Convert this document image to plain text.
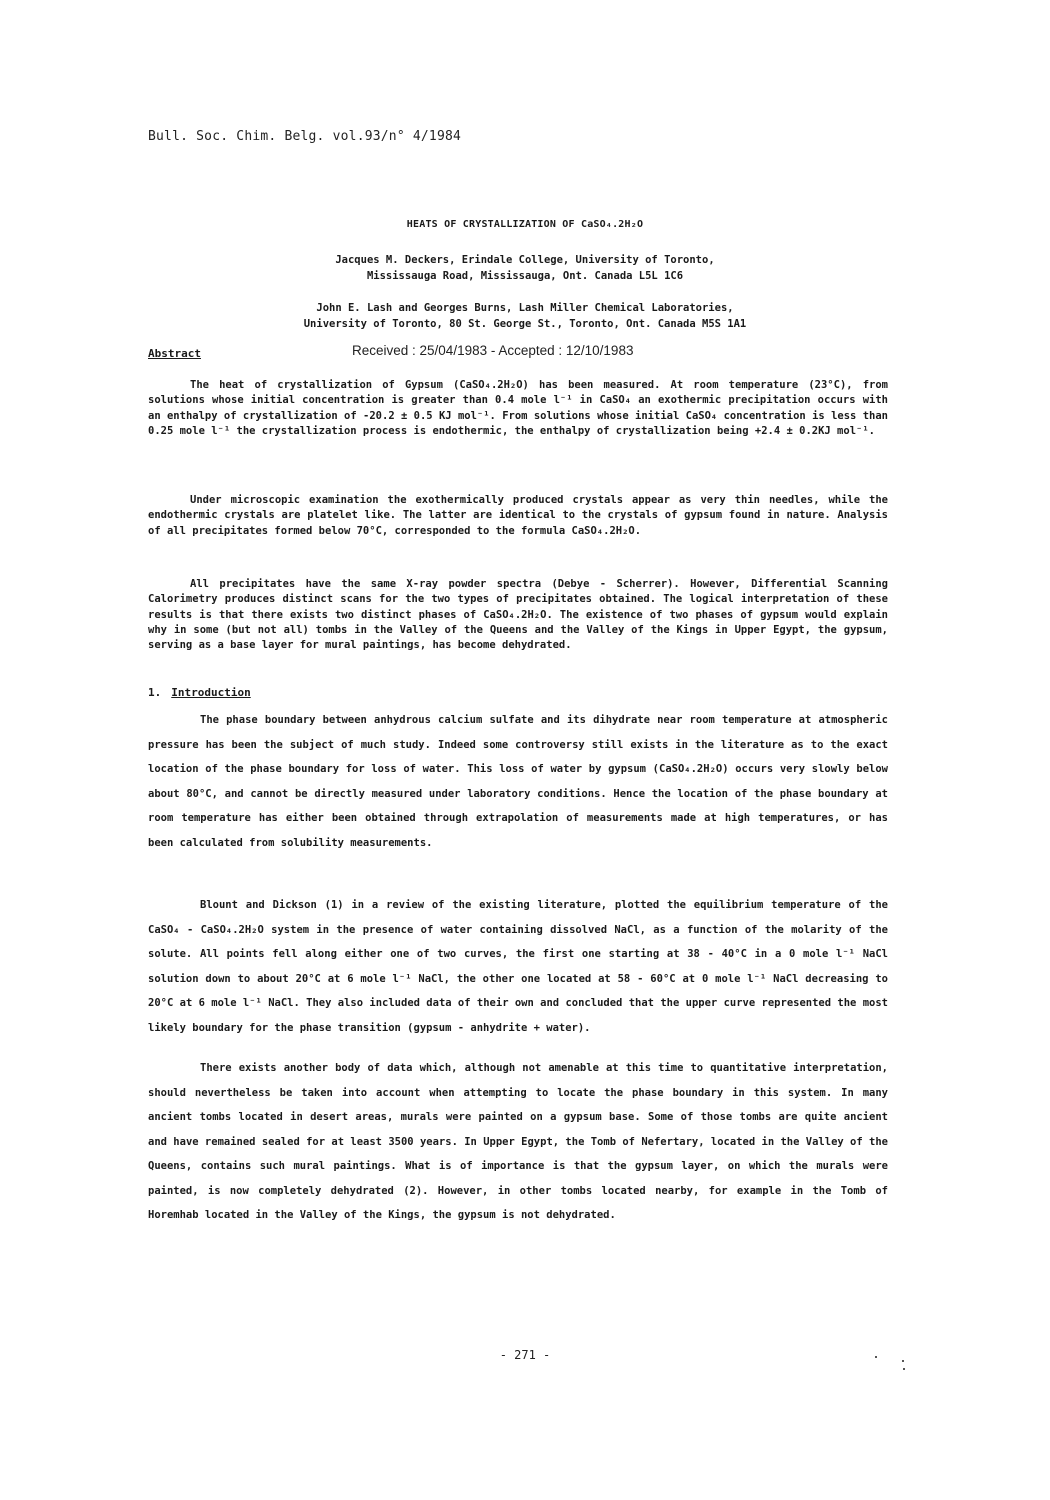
Bull. Soc. Chim. Belg. vol.93/n° 4/1984
HEATS OF CRYSTALLIZATION OF CaSO₄.2H₂O
Jacques M. Deckers, Erindale College, University of Toronto,
Mississauga Road, Mississauga, Ont. Canada L5L 1C6
John E. Lash and Georges Burns, Lash Miller Chemical Laboratories,
University of Toronto, 80 St. George St., Toronto, Ont. Canada M5S 1A1
Abstract	Received : 25/04/1983 - Accepted : 12/10/1983

The heat of crystallization of Gypsum (CaSO₄.2H₂O) has been measured. At room temperature (23°C), from solutions whose initial concentration is greater than 0.4 mole l⁻¹ in CaSO₄ an exothermic precipitation occurs with an enthalpy of crystallization of -20.2 ± 0.5 KJ mol⁻¹. From solutions whose initial CaSO₄ concentration is less than 0.25 mole l⁻¹ the crystallization process is endothermic, the enthalpy of crystallization being +2.4 ± 0.2KJ mol⁻¹.

Under microscopic examination the exothermically produced crystals appear as very thin needles, while the endothermic crystals are platelet like. The latter are identical to the crystals of gypsum found in nature. Analysis of all precipitates formed below 70°C, corresponded to the formula CaSO₄.2H₂O.

All precipitates have the same X-ray powder spectra (Debye - Scherrer). However, Differential Scanning Calorimetry produces distinct scans for the two types of precipitates obtained. The logical interpretation of these results is that there exists two distinct phases of CaSO₄.2H₂O. The existence of two phases of gypsum would explain why in some (but not all) tombs in the Valley of the Queens and the Valley of the Kings in Upper Egypt, the gypsum, serving as a base layer for mural paintings, has become dehydrated.

1. Introduction

The phase boundary between anhydrous calcium sulfate and its dihydrate near room temperature at atmospheric pressure has been the subject of much study. Indeed some controversy still exists in the literature as to the exact location of the phase boundary for loss of water. This loss of water by gypsum (CaSO₄.2H₂O) occurs very slowly below about 80°C, and cannot be directly measured under laboratory conditions. Hence the location of the phase boundary at room temperature has either been obtained through extrapolation of measurements made at high temperatures, or has been calculated from solubility measurements.

Blount and Dickson (1) in a review of the existing literature, plotted the equilibrium temperature of the CaSO₄ - CaSO₄.2H₂O system in the presence of water containing dissolved NaCl, as a function of the molarity of the solute. All points fell along either one of two curves, the first one starting at 38 - 40°C in a 0 mole l⁻¹ NaCl solution down to about 20°C at 6 mole l⁻¹ NaCl, the other one located at 58 - 60°C at 0 mole l⁻¹ NaCl decreasing to 20°C at 6 mole l⁻¹ NaCl. They also included data of their own and concluded that the upper curve represented the most likely boundary for the phase transition (gypsum - anhydrite + water).

There exists another body of data which, although not amenable at this time to quantitative interpretation, should nevertheless be taken into account when attempting to locate the phase boundary in this system. In many ancient tombs located in desert areas, murals were painted on a gypsum base. Some of those tombs are quite ancient and have remained sealed for at least 3500 years. In Upper Egypt, the Tomb of Nefertary, located in the Valley of the Queens, contains such mural paintings. What is of importance is that the gypsum layer, on which the murals were painted, is now completely dehydrated (2). However, in other tombs located nearby, for example in the Tomb of Horemhab located in the Valley of the Kings, the gypsum is not dehydrated.

- 271 -
